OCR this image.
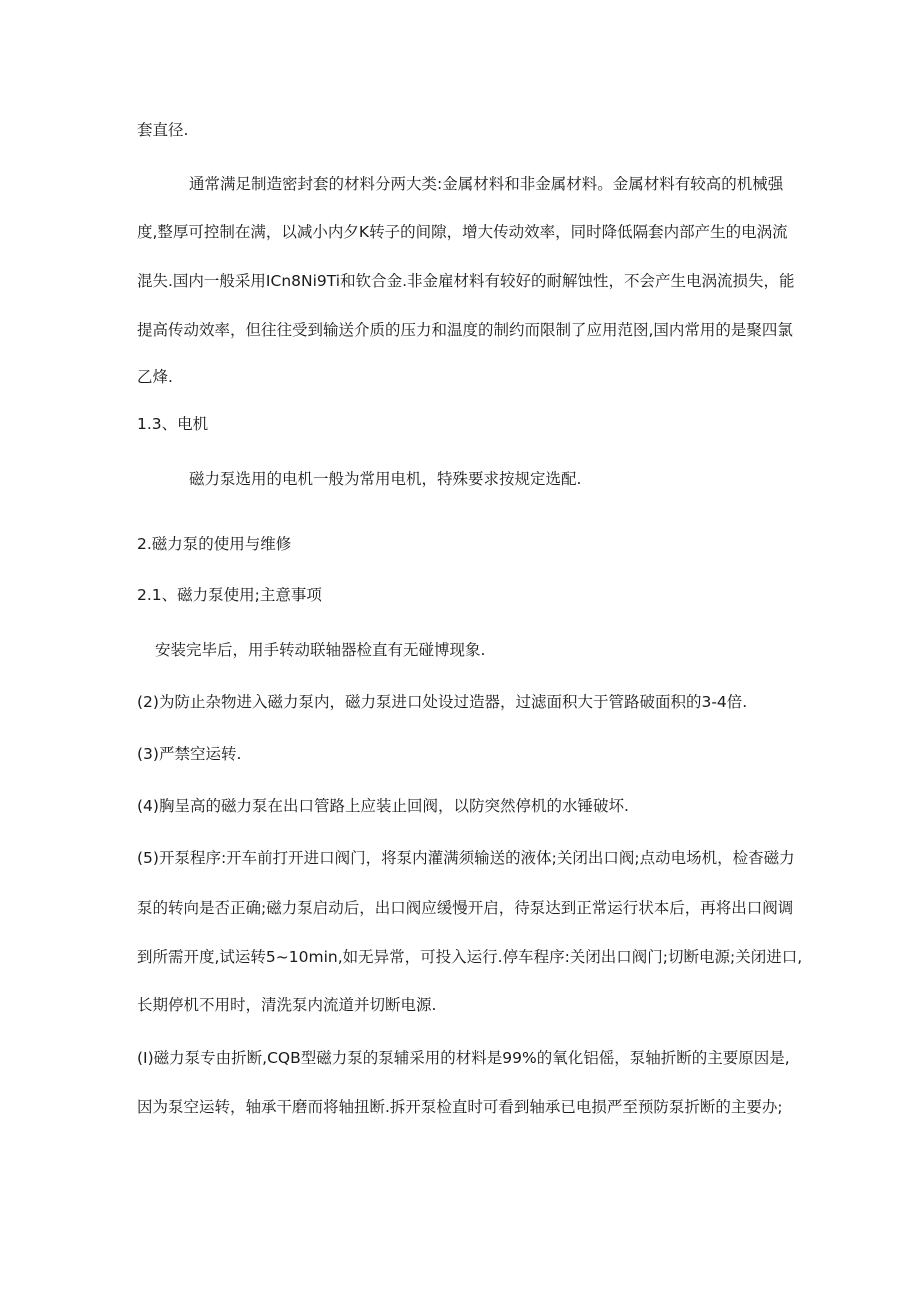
套直径.
通常满足制造密封套的材料分两大类:金属材料和非金属材料。金属材料有较高的机械强
度,整厚可控制在满，以减小内夕K转子的间隙，增大传动效率，同时降低隔套内部产生的电涡流
混失.国内一般采用ICn8Ni9Ti和钦合金.非金雇材料有较好的耐解蚀性，不会产生电涡流损失，能
提高传动效率，但往往受到输送介质的压力和温度的制约而限制了应用范囹,国内常用的是聚四氯
乙烽.
1.3、电机
磁力泵选用的电机一般为常用电机，特殊要求按规定选配.
2.磁力泵的使用与维修
2.1、磁力泵使用;主意事项
安装完毕后，用手转动联轴器检直有无碰博现象.
(2)为防止杂物进入磁力泵内，磁力泵进口处设过造器，过滤面积大于管路破面积的3-4倍.
(3)严禁空运转.
(4)胸呈高的磁力泵在出口管路上应装止回阀，以防突然停机的水锤破坏.
(5)开泵程序:开车前打开进口阀门，将泵内灌满须输送的液体;关闭出口阀;点动电场机，检杳磁力
泵的转向是否正确;磁力泵启动后，出口阀应缓慢开启，待泵达到正常运行状本后，再将出口阀调
到所需开度,试运转5~10min,如无异常，可投入运行.停车程序:关闭出口阀门;切断电源;关闭进口,
长期停机不用时，清洗泵内流道并切断电源.
(I)磁力泵专由折断,CQB型磁力泵的泵辅采用的材料是99%的氧化铝傜，泵轴折断的主要原因是,
因为泵空运转，轴承干磨而将轴扭断.拆开泵检直时可看到轴承已电损严至预防泵折断的主要办;
